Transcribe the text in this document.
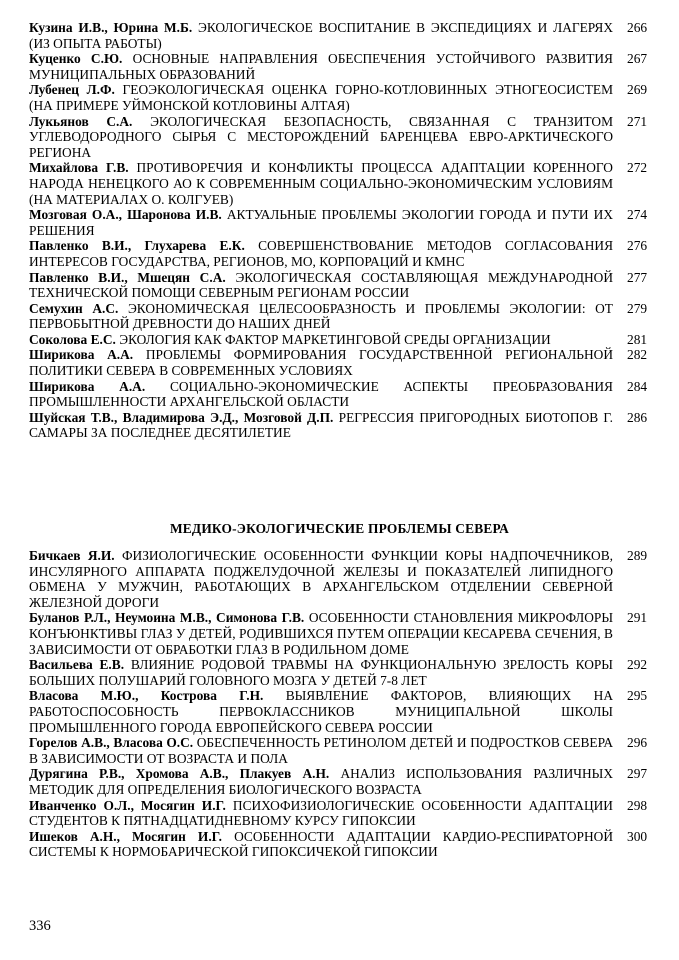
Кузина И.В., Юрина М.Б. ЭКОЛОГИЧЕСКОЕ ВОСПИТАНИЕ В ЭКСПЕДИЦИЯХ И ЛАГЕРЯХ (ИЗ ОПЫТА РАБОТЫ)
266
Куценко С.Ю. ОСНОВНЫЕ НАПРАВЛЕНИЯ ОБЕСПЕЧЕНИЯ УСТОЙЧИВОГО РАЗВИТИЯ МУНИЦИПАЛЬНЫХ ОБРАЗОВАНИЙ
267
Лубенец Л.Ф. ГЕОЭКОЛОГИЧЕСКАЯ ОЦЕНКА ГОРНО-КОТЛОВИННЫХ ЭТНОГЕОСИСТЕМ (НА ПРИМЕРЕ УЙМОНСКОЙ КОТЛОВИНЫ АЛТАЯ)
269
Лукьянов С.А. ЭКОЛОГИЧЕСКАЯ БЕЗОПАСНОСТЬ, СВЯЗАННАЯ С ТРАНЗИТОМ УГЛЕВОДОРОДНОГО СЫРЬЯ С МЕСТОРОЖДЕНИЙ БАРЕНЦЕВА ЕВРО-АРКТИЧЕСКОГО РЕГИОНА
271
Михайлова Г.В. ПРОТИВОРЕЧИЯ И КОНФЛИКТЫ ПРОЦЕССА АДАПТАЦИИ КОРЕННОГО НАРОДА НЕНЕЦКОГО АО К СОВРЕМЕННЫМ СОЦИАЛЬНО-ЭКОНОМИЧЕСКИМ УСЛОВИЯМ (НА МАТЕРИАЛАХ О. КОЛГУЕВ)
272
Мозговая О.А., Шаронова И.В. АКТУАЛЬНЫЕ ПРОБЛЕМЫ ЭКОЛОГИИ ГОРОДА И ПУТИ ИХ РЕШЕНИЯ
274
Павленко В.И., Глухарева Е.К. СОВЕРШЕНСТВОВАНИЕ МЕТОДОВ СОГЛАСОВАНИЯ ИНТЕРЕСОВ ГОСУДАРСТВА, РЕГИОНОВ, МО, КОРПОРАЦИЙ И КМНС
276
Павленко В.И., Мшецян С.А. ЭКОЛОГИЧЕСКАЯ СОСТАВЛЯЮЩАЯ МЕЖДУНАРОДНОЙ ТЕХНИЧЕСКОЙ ПОМОЩИ СЕВЕРНЫМ РЕГИОНАМ РОССИИ
277
Семухин А.С. ЭКОНОМИЧЕСКАЯ ЦЕЛЕСООБРАЗНОСТЬ И ПРОБЛЕМЫ ЭКОЛОГИИ: ОТ ПЕРВОБЫТНОЙ ДРЕВНОСТИ ДО НАШИХ ДНЕЙ
279
Соколова Е.С. ЭКОЛОГИЯ КАК ФАКТОР МАРКЕТИНГОВОЙ СРЕДЫ ОРГАНИЗАЦИИ	281
Ширикова А.А. ПРОБЛЕМЫ ФОРМИРОВАНИЯ ГОСУДАРСТВЕННОЙ РЕГИОНАЛЬНОЙ ПОЛИТИКИ СЕВЕРА В СОВРЕМЕННЫХ УСЛОВИЯХ
282
Ширикова А.А. СОЦИАЛЬНО-ЭКОНОМИЧЕСКИЕ АСПЕКТЫ ПРЕОБРАЗОВАНИЯ ПРОМЫШЛЕННОСТИ АРХАНГЕЛЬСКОЙ ОБЛАСТИ
284
Шуйская Т.В., Владимирова Э.Д., Мозговой Д.П. РЕГРЕССИЯ ПРИГОРОДНЫХ БИОТОПОВ Г. САМАРЫ ЗА ПОСЛЕДНЕЕ ДЕСЯТИЛЕТИЕ
286
МЕДИКО-ЭКОЛОГИЧЕСКИЕ ПРОБЛЕМЫ СЕВЕРА
Бичкаев Я.И. ФИЗИОЛОГИЧЕСКИЕ ОСОБЕННОСТИ ФУНКЦИИ КОРЫ НАДПОЧЕЧНИКОВ, ИНСУЛЯРНОГО АППАРАТА ПОДЖЕЛУДОЧНОЙ ЖЕЛЕЗЫ И ПОКАЗАТЕЛЕЙ ЛИПИДНОГО ОБМЕНА У МУЖЧИН, РАБОТАЮЩИХ В АРХАНГЕЛЬСКОМ ОТДЕЛЕНИИ СЕВЕРНОЙ ЖЕЛЕЗНОЙ ДОРОГИ
289
Буланов Р.Л., Неумоина М.В., Симонова Г.В. ОСОБЕННОСТИ СТАНОВЛЕНИЯ МИКРОФЛОРЫ КОНЪЮНКТИВЫ ГЛАЗ У ДЕТЕЙ, РОДИВШИХСЯ ПУТЕМ ОПЕРАЦИИ КЕСАРЕВА СЕЧЕНИЯ, В ЗАВИСИМОСТИ ОТ ОБРАБОТКИ ГЛАЗ В РОДИЛЬНОМ ДОМЕ
291
Васильева Е.В. ВЛИЯНИЕ РОДОВОЙ ТРАВМЫ НА ФУНКЦИОНАЛЬНУЮ ЗРЕЛОСТЬ КОРЫ БОЛЬШИХ ПОЛУШАРИЙ ГОЛОВНОГО МОЗГА У ДЕТЕЙ 7-8 ЛЕТ
292
Власова М.Ю., Кострова Г.Н. ВЫЯВЛЕНИЕ ФАКТОРОВ, ВЛИЯЮЩИХ НА РАБОТОСПОСОБНОСТЬ ПЕРВОКЛАССНИКОВ МУНИЦИПАЛЬНОЙ ШКОЛЫ ПРОМЫШЛЕННОГО ГОРОДА ЕВРОПЕЙСКОГО СЕВЕРА РОССИИ
295
Горелов А.В., Власова О.С. ОБЕСПЕЧЕННОСТЬ РЕТИНОЛОМ ДЕТЕЙ И ПОДРОСТКОВ СЕВЕРА В ЗАВИСИМОСТИ ОТ ВОЗРАСТА И ПОЛА
296
Дурягина Р.В., Хромова А.В., Плакуев А.Н. АНАЛИЗ ИСПОЛЬЗОВАНИЯ РАЗЛИЧНЫХ МЕТОДИК ДЛЯ ОПРЕДЕЛЕНИЯ БИОЛОГИЧЕСКОГО ВОЗРАСТА
297
Иванченко О.Л., Мосягин И.Г. ПСИХОФИЗИОЛОГИЧЕСКИЕ ОСОБЕННОСТИ АДАПТАЦИИ СТУДЕНТОВ К ПЯТНАДЦАТИДНЕВНОМУ КУРСУ ГИПОКСИИ
298
Ишеков А.Н., Мосягин И.Г. ОСОБЕННОСТИ АДАПТАЦИИ КАРДИО-РЕСПИРАТОРНОЙ СИСТЕМЫ К НОРМОБАРИЧЕСКОЙ ГИПОКСИЧЕКОЙ ГИПОКСИИ
300
336
